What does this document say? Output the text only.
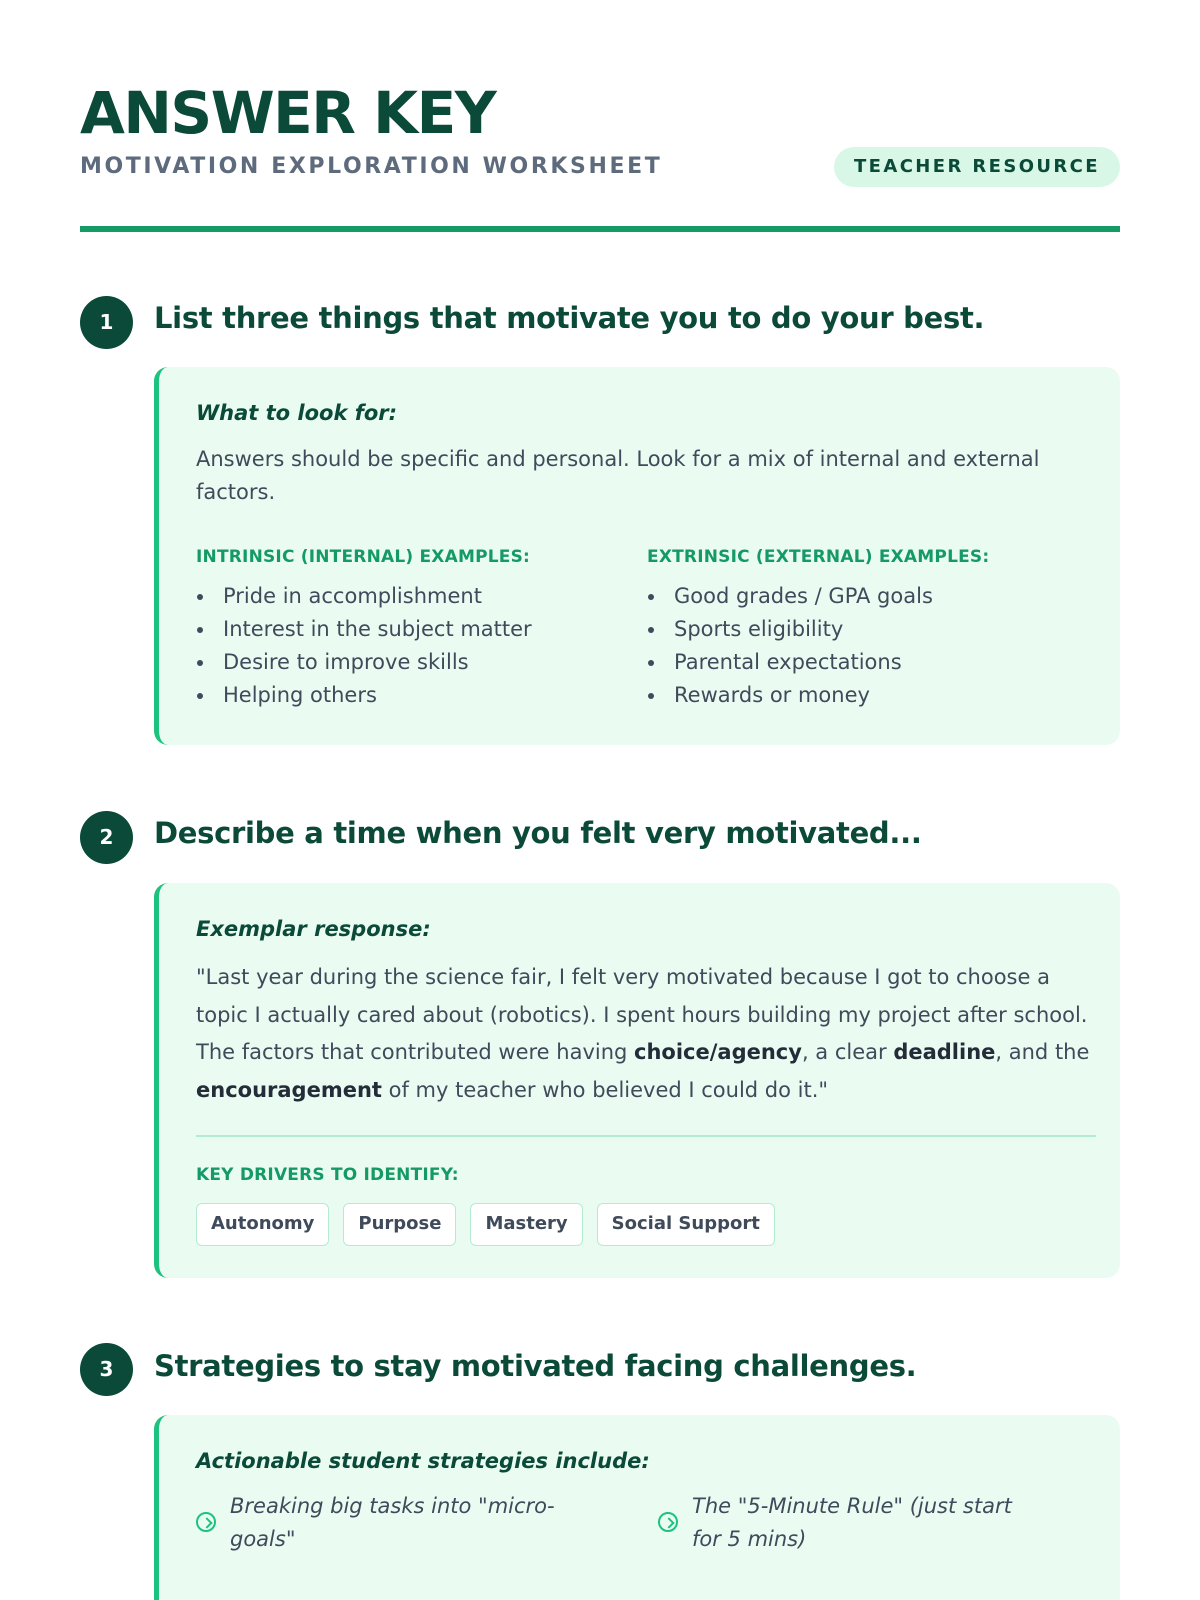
ANSWER KEY
MOTIVATION EXPLORATION WORKSHEET	TEACHER RESOURCE
1	List three things that motivate you to do your best.
What to look for:
Answers should be specific and personal. Look for a mix of internal and external factors.
INTRINSIC (INTERNAL) EXAMPLES:
Pride in accomplishment
Interest in the subject matter
Desire to improve skills
Helping others
EXTRINSIC (EXTERNAL) EXAMPLES:
Good grades / GPA goals
Sports eligibility
Parental expectations
Rewards or money
2	Describe a time when you felt very motivated...
Exemplar response:
"Last year during the science fair, I felt very motivated because I got to choose a topic I actually cared about (robotics). I spent hours building my project after school. The factors that contributed were having choice/agency, a clear deadline, and the encouragement of my teacher who believed I could do it."
KEY DRIVERS TO IDENTIFY:
Autonomy	Purpose	Mastery	Social Support
3	Strategies to stay motivated facing challenges.
Actionable student strategies include:
Breaking big tasks into "micro-goals"
The "5-Minute Rule" (just start for 5 mins)
